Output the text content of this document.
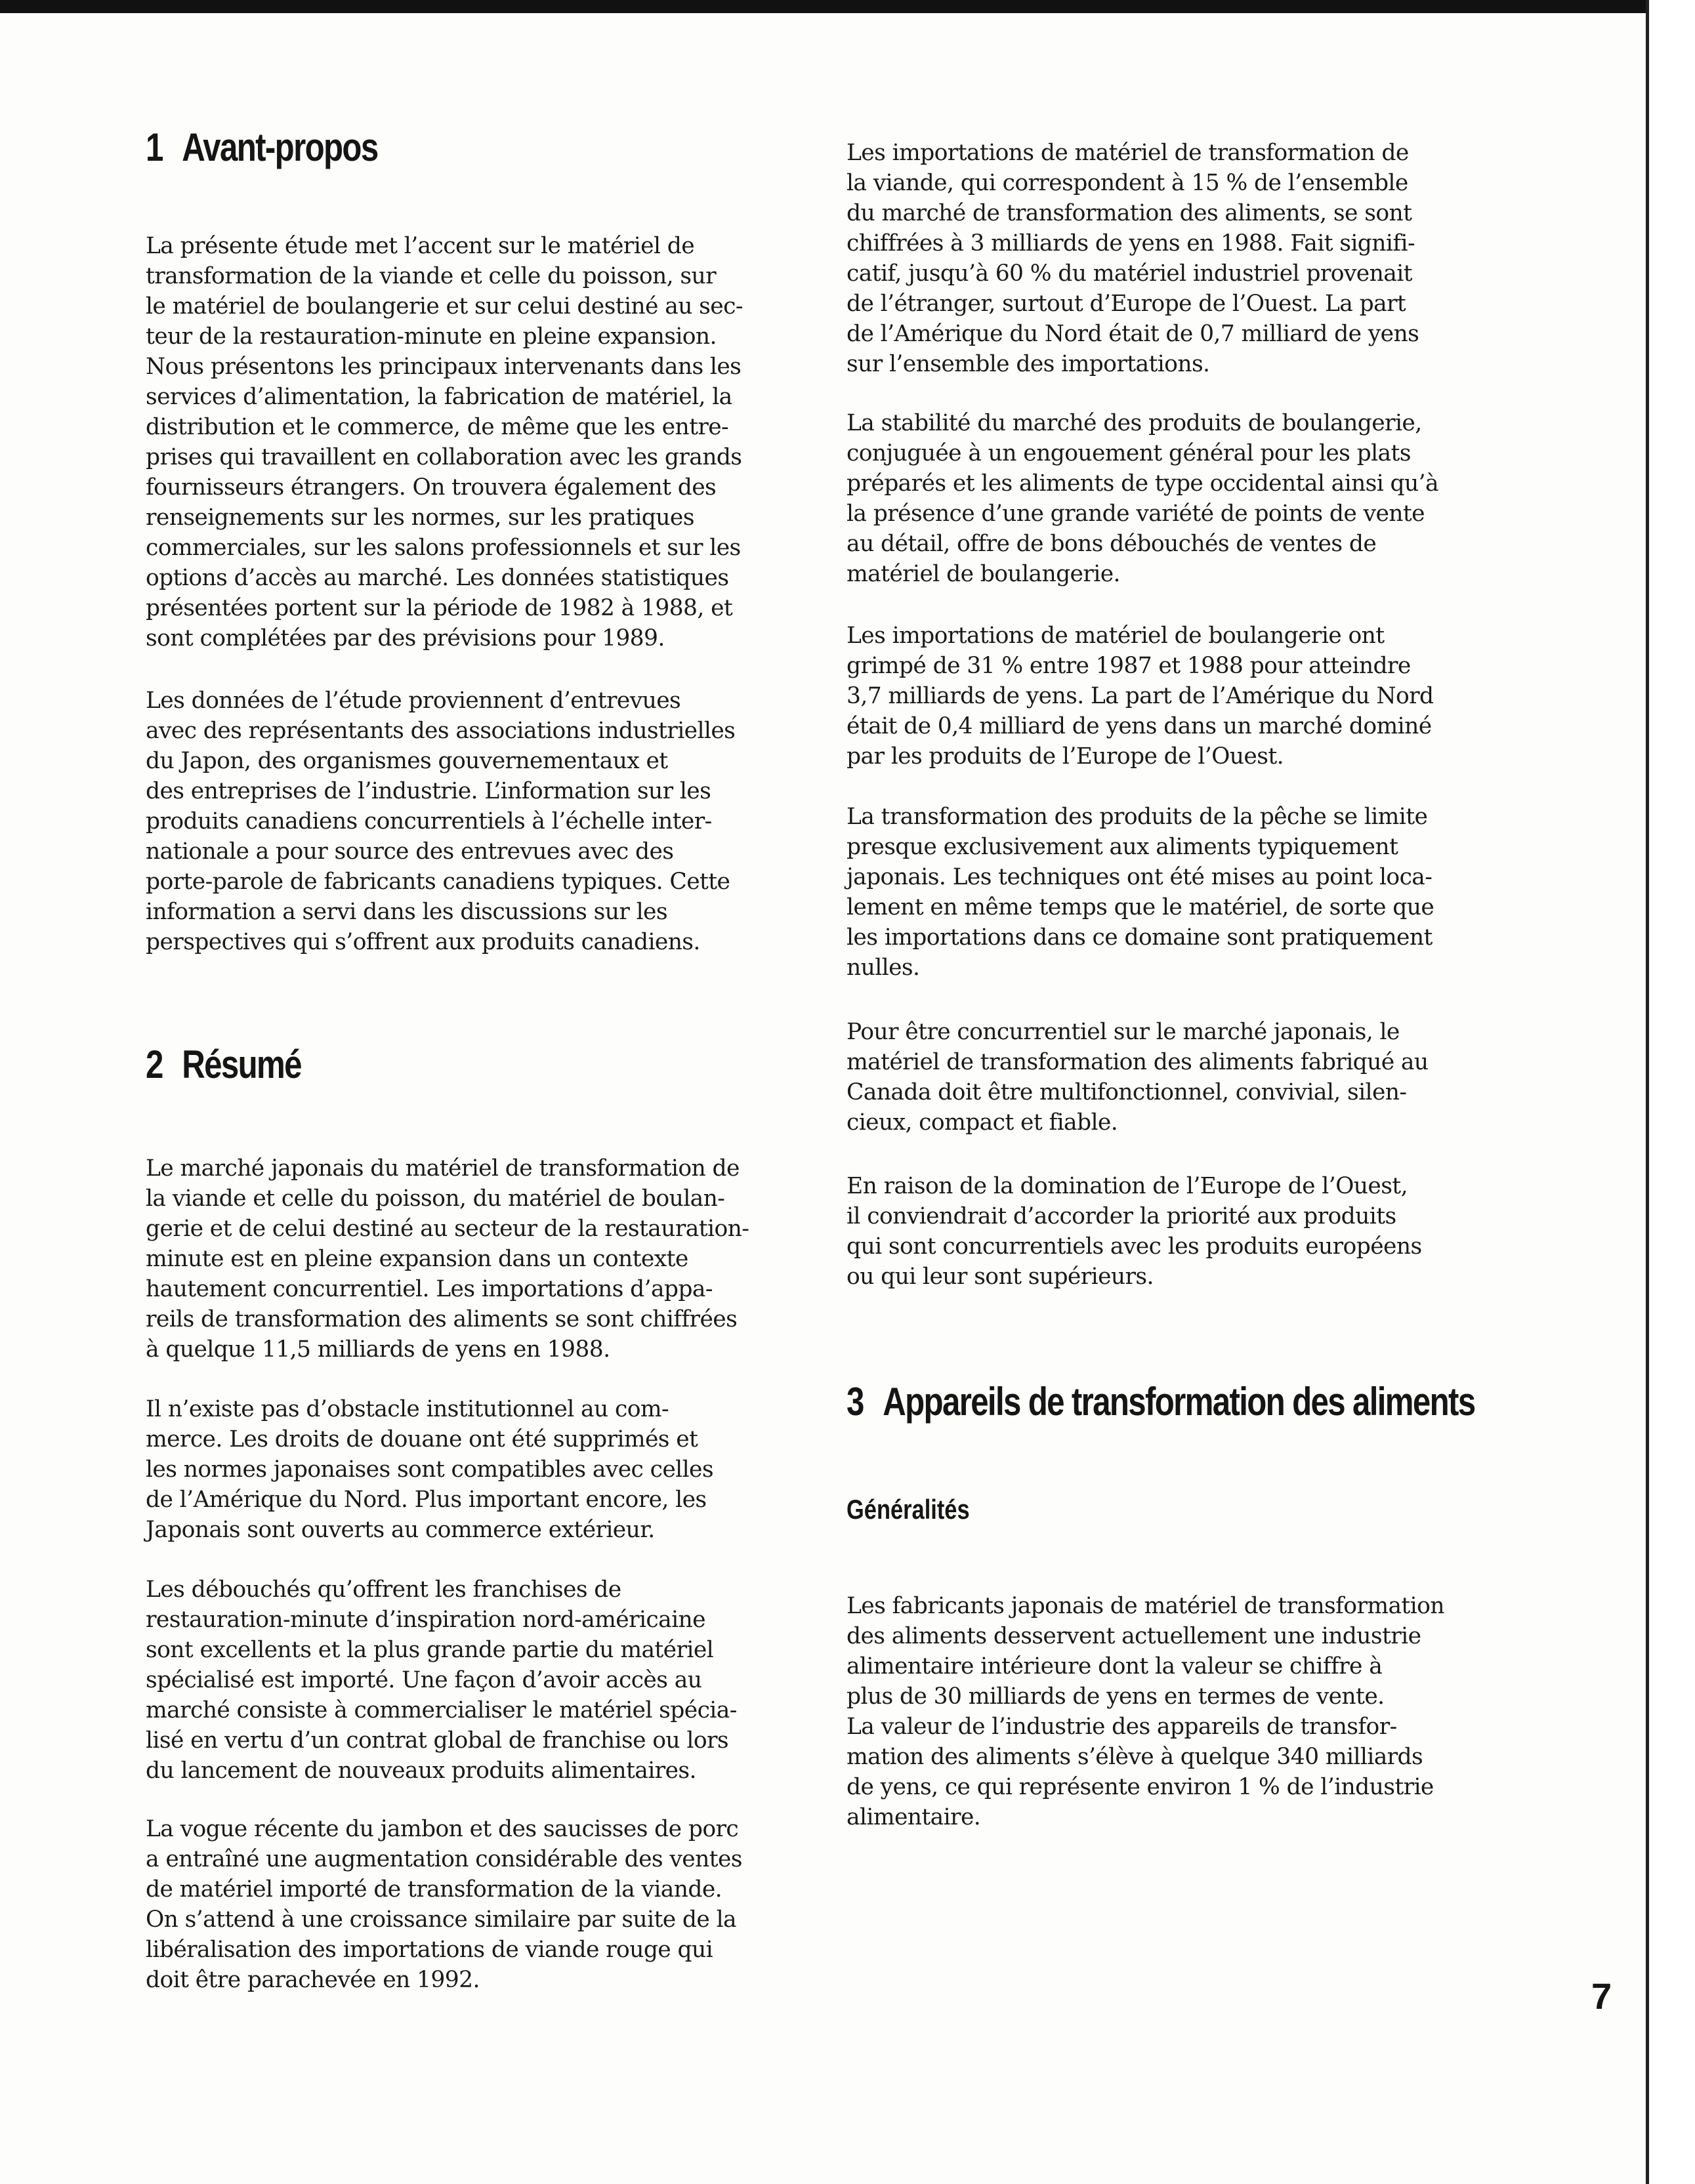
1 Avant-propos

La présente étude met l’accent sur le matériel de
transformation de la viande et celle du poisson, sur
le matériel de boulangerie et sur celui destiné au sec-
teur de la restauration-minute en pleine expansion.
Nous présentons les principaux intervenants dans les
services d’alimentation, la fabrication de matériel, la
distribution et le commerce, de même que les entre-
prises qui travaillent en collaboration avec les grands
fournisseurs étrangers. On trouvera également des
renseignements sur les normes, sur les pratiques
commerciales, sur les salons professionnels et sur les
options d’accès au marché. Les données statistiques
présentées portent sur la période de 1982 à 1988, et
sont complétées par des prévisions pour 1989.

Les données de l’étude proviennent d’entrevues
avec des représentants des associations industrielles
du Japon, des organismes gouvernementaux et
des entreprises de l’industrie. L’information sur les
produits canadiens concurrentiels à l’échelle inter-
nationale a pour source des entrevues avec des
porte-parole de fabricants canadiens typiques. Cette
information a servi dans les discussions sur les
perspectives qui s’offrent aux produits canadiens.

2 Résumé

Le marché japonais du matériel de transformation de
la viande et celle du poisson, du matériel de boulan-
gerie et de celui destiné au secteur de la restauration-
minute est en pleine expansion dans un contexte
hautement concurrentiel. Les importations d’appa-
reils de transformation des aliments se sont chiffrées
à quelque 11,5 milliards de yens en 1988.

Il n’existe pas d’obstacle institutionnel au com-
merce. Les droits de douane ont été supprimés et
les normes japonaises sont compatibles avec celles
de l’Amérique du Nord. Plus important encore, les
Japonais sont ouverts au commerce extérieur.

Les débouchés qu’offrent les franchises de
restauration-minute d’inspiration nord-américaine
sont excellents et la plus grande partie du matériel
spécialisé est importé. Une façon d’avoir accès au
marché consiste à commercialiser le matériel spécia-
lisé en vertu d’un contrat global de franchise ou lors
du lancement de nouveaux produits alimentaires.

La vogue récente du jambon et des saucisses de porc
a entraîné une augmentation considérable des ventes
de matériel importé de transformation de la viande.
On s’attend à une croissance similaire par suite de la
libéralisation des importations de viande rouge qui
doit être parachevée en 1992.

Les importations de matériel de transformation de
la viande, qui correspondent à 15 % de l’ensemble
du marché de transformation des aliments, se sont
chiffrées à 3 milliards de yens en 1988. Fait signifi-
catif, jusqu’à 60 % du matériel industriel provenait
de l’étranger, surtout d’Europe de l’Ouest. La part
de l’Amérique du Nord était de 0,7 milliard de yens
sur l’ensemble des importations.

La stabilité du marché des produits de boulangerie,
conjuguée à un engouement général pour les plats
préparés et les aliments de type occidental ainsi qu’à
la présence d’une grande variété de points de vente
au détail, offre de bons débouchés de ventes de
matériel de boulangerie.

Les importations de matériel de boulangerie ont
grimpé de 31 % entre 1987 et 1988 pour atteindre
3,7 milliards de yens. La part de l’Amérique du Nord
était de 0,4 milliard de yens dans un marché dominé
par les produits de l’Europe de l’Ouest.

La transformation des produits de la pêche se limite
presque exclusivement aux aliments typiquement
japonais. Les techniques ont été mises au point loca-
lement en même temps que le matériel, de sorte que
les importations dans ce domaine sont pratiquement
nulles.

Pour être concurrentiel sur le marché japonais, le
matériel de transformation des aliments fabriqué au
Canada doit être multifonctionnel, convivial, silen-
cieux, compact et fiable.

En raison de la domination de l’Europe de l’Ouest,
il conviendrait d’accorder la priorité aux produits
qui sont concurrentiels avec les produits européens
ou qui leur sont supérieurs.

3 Appareils de transformation des aliments
Généralités

Les fabricants japonais de matériel de transformation
des aliments desservent actuellement une industrie
alimentaire intérieure dont la valeur se chiffre à
plus de 30 milliards de yens en termes de vente.
La valeur de l’industrie des appareils de transfor-
mation des aliments s’élève à quelque 340 milliards
de yens, ce qui représente environ 1 % de l’industrie
alimentaire.

7
